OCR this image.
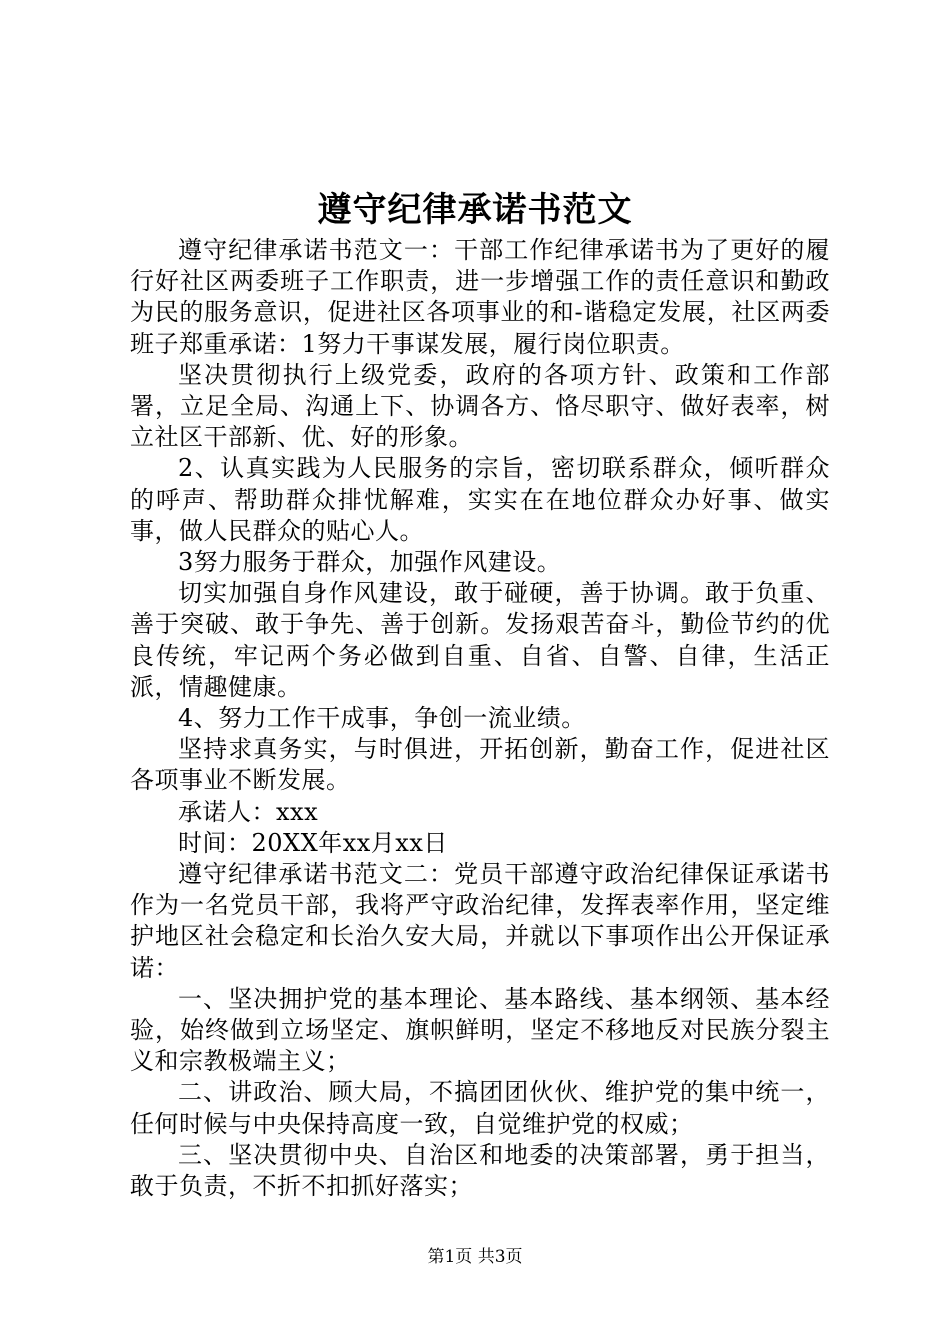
遵守纪律承诺书范文

遵守纪律承诺书范文一：干部工作纪律承诺书为了更好的履行好社区两委班子工作职责，进一步增强工作的责任意识和勤政为民的服务意识，促进社区各项事业的和-谐稳定发展，社区两委班子郑重承诺：1努力干事谋发展，履行岗位职责。

坚决贯彻执行上级党委，政府的各项方针、政策和工作部署，立足全局、沟通上下、协调各方、恪尽职守、做好表率，树立社区干部新、优、好的形象。

2、认真实践为人民服务的宗旨，密切联系群众，倾听群众的呼声、帮助群众排忧解难，实实在在地位群众办好事、做实事，做人民群众的贴心人。

3努力服务于群众，加强作风建设。

切实加强自身作风建设，敢于碰硬，善于协调。敢于负重、善于突破、敢于争先、善于创新。发扬艰苦奋斗，勤俭节约的优良传统，牢记两个务必做到自重、自省、自警、自律，生活正派，情趣健康。

4、努力工作干成事，争创一流业绩。

坚持求真务实，与时俱进，开拓创新，勤奋工作，促进社区各项事业不断发展。

承诺人：xxx

时间：20XX年xx月xx日

遵守纪律承诺书范文二：党员干部遵守政治纪律保证承诺书作为一名党员干部，我将严守政治纪律，发挥表率作用，坚定维护地区社会稳定和长治久安大局，并就以下事项作出公开保证承诺：

一、坚决拥护党的基本理论、基本路线、基本纲领、基本经验，始终做到立场坚定、旗帜鲜明，坚定不移地反对民族分裂主义和宗教极端主义；

二、讲政治、顾大局，不搞团团伙伙、维护党的集中统一，任何时候与中央保持高度一致，自觉维护党的权威；

三、坚决贯彻中央、自治区和地委的决策部署，勇于担当，敢于负责，不折不扣抓好落实；

第1页 共3页
